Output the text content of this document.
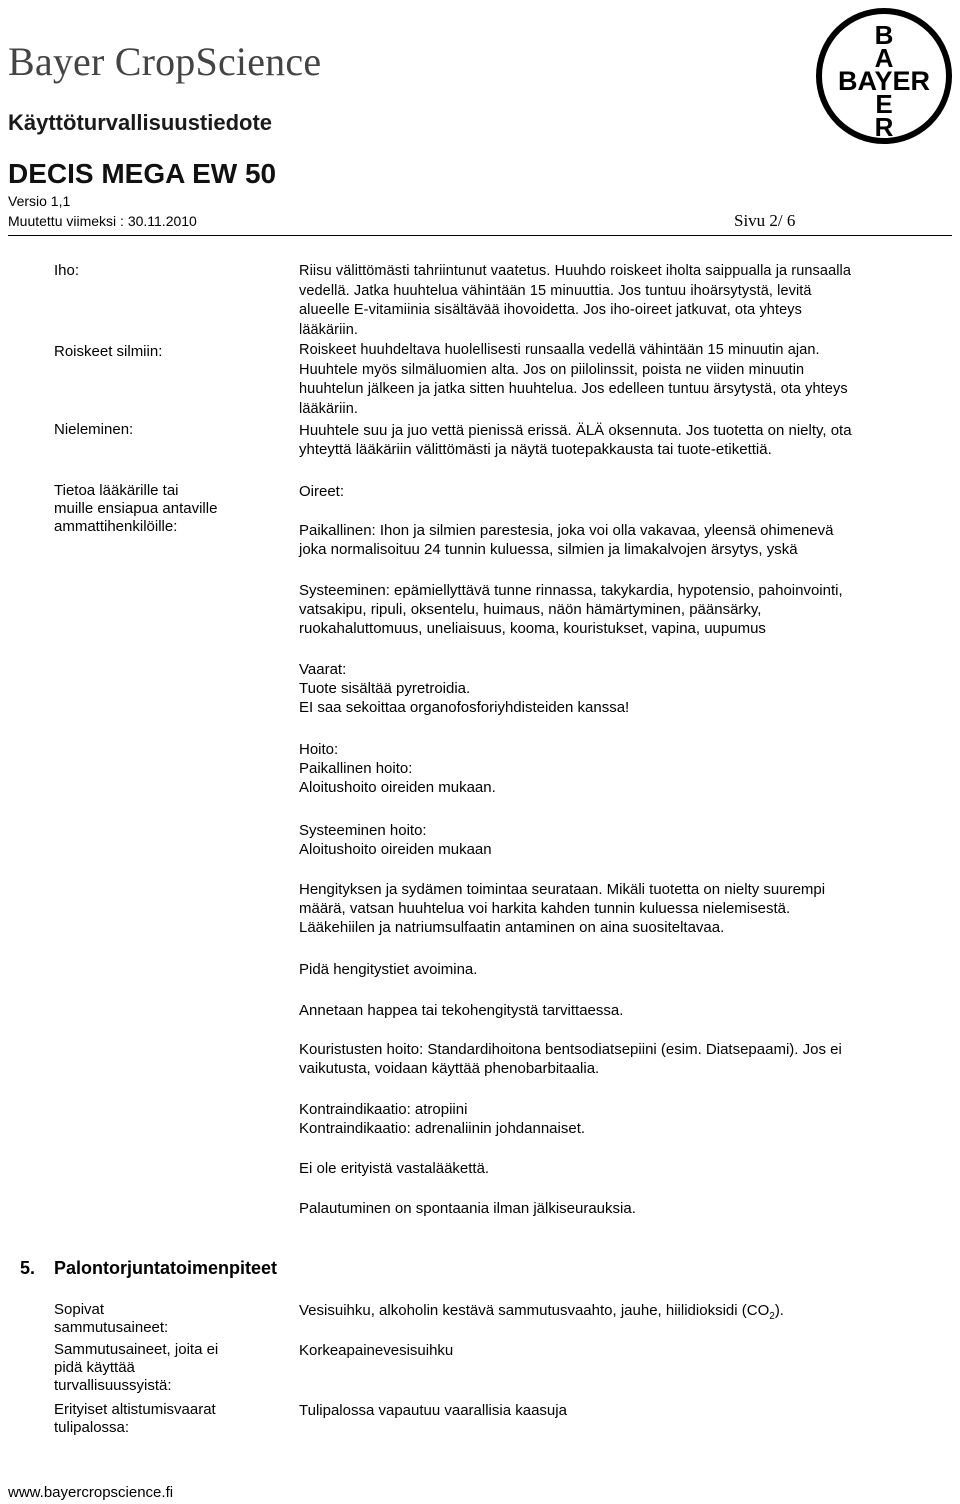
Bayer CropScience
Käyttöturvallisuustiedote
DECIS MEGA EW 50
Versio 1,1
Muutettu viimeksi : 30.11.2010	Sivu 2/ 6
B
A
BAYER
E
R
Iho:
Roiskeet silmiin:
Nieleminen:
Tietoa lääkärille tai
muille ensiapua antaville
ammattihenkilöille:
Riisu välittömästi tahriintunut vaatetus. Huuhdo roiskeet iholta saippualla ja runsaalla
vedellä. Jatka huuhtelua vähintään 15 minuuttia. Jos tuntuu ihoärsytystä, levitä
alueelle E-vitamiinia sisältävää ihovoidetta. Jos iho-oireet jatkuvat, ota yhteys
lääkäriin.
Roiskeet huuhdeltava huolellisesti runsaalla vedellä vähintään 15 minuutin ajan.
Huuhtele myös silmäluomien alta. Jos on piilolinssit, poista ne viiden minuutin
huuhtelun jälkeen ja jatka sitten huuhtelua. Jos edelleen tuntuu ärsytystä, ota yhteys
lääkäriin.
Huuhtele suu ja juo vettä pienissä erissä. ÄLÄ oksennuta. Jos tuotetta on nielty, ota
yhteyttä lääkäriin välittömästi ja näytä tuotepakkausta tai tuote-etikettiä.
Oireet:
Paikallinen: Ihon ja silmien parestesia, joka voi olla vakavaa, yleensä ohimenevä
joka normalisoituu 24 tunnin kuluessa, silmien ja limakalvojen ärsytys, yskä
Systeeminen: epämiellyttävä tunne rinnassa, takykardia, hypotensio, pahoinvointi,
vatsakipu, ripuli, oksentelu, huimaus, näön hämärtyminen, päänsärky,
ruokahaluttomuus, uneliaisuus, kooma, kouristukset, vapina, uupumus
Vaarat:
Tuote sisältää pyretroidia.
EI saa sekoittaa organofosforiyhdisteiden kanssa!
Hoito:
Paikallinen hoito:
Aloitushoito oireiden mukaan.
Systeeminen hoito:
Aloitushoito oireiden mukaan
Hengityksen ja sydämen toimintaa seurataan. Mikäli tuotetta on nielty suurempi
määrä, vatsan huuhtelua voi harkita kahden tunnin kuluessa nielemisestä.
Lääkehiilen ja natriumsulfaatin antaminen on aina suositeltavaa.
Pidä hengitystiet avoimina.
Annetaan happea tai tekohengitystä tarvittaessa.
Kouristusten hoito: Standardihoitona bentsodiatsepiini (esim. Diatsepaami). Jos ei
vaikutusta, voidaan käyttää phenobarbitaalia.
Kontraindikaatio: atropiini
Kontraindikaatio: adrenaliinin johdannaiset.
Ei ole erityistä vastalääkettä.
Palautuminen on spontaania ilman jälkiseurauksia.
5. Palontorjuntatoimenpiteet
Sopivat
sammutusaineet:
Vesisuihku, alkoholin kestävä sammutusvaahto, jauhe, hiilidioksidi $(CO_2)$.
Sammutusaineet, joita ei
pidä käyttää
turvallisuussyistä:
Korkeapainevesisuihku
Erityiset altistumisvaarat
tulipalossa:
Tulipalossa vapautuu vaarallisia kaasuja
www.bayercropscience.fi
